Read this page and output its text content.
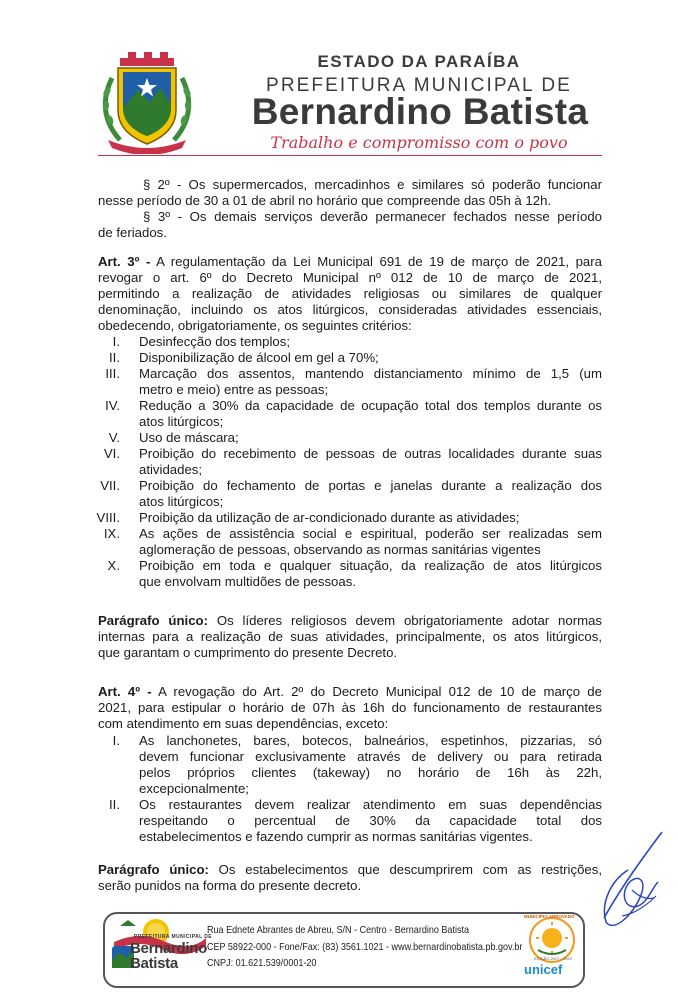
ESTADO DA PARAÍBA
PREFEITURA MUNICIPAL DE
Bernardino Batista
Trabalho e compromisso com o povo
§ 2º - Os supermercados, mercadinhos e similares só poderão funcionar
nesse período de 30 a 01 de abril no horário que compreende das 05h à 12h.
§ 3º - Os demais serviços deverão permanecer fechados nesse período
de feriados.
Art. 3º - A regulamentação da Lei Municipal 691 de 19 de março de 2021, para
revogar o art. 6º do Decreto Municipal nº 012 de 10 de março de 2021,
permitindo a realização de atividades religiosas ou similares de qualquer
denominação, incluindo os atos litúrgicos, consideradas atividades essenciais,
obedecendo, obrigatoriamente, os seguintes critérios:
I. Desinfecção dos templos;
II. Disponibilização de álcool em gel a 70%;
III. Marcação dos assentos, mantendo distanciamento mínimo de 1,5 (um
metro e meio) entre as pessoas;
IV. Redução a 30% da capacidade de ocupação total dos templos durante os
atos litúrgicos;
V. Uso de máscara;
VI. Proibição do recebimento de pessoas de outras localidades durante suas
atividades;
VII. Proibição do fechamento de portas e janelas durante a realização dos
atos litúrgicos;
VIII. Proibição da utilização de ar-condicionado durante as atividades;
IX. As ações de assistência social e espiritual, poderão ser realizadas sem
aglomeração de pessoas, observando as normas sanitárias vigentes
X. Proibição em toda e qualquer situação, da realização de atos litúrgicos
que envolvam multidões de pessoas.
Parágrafo único: Os líderes religiosos devem obrigatoriamente adotar normas
internas para a realização de suas atividades, principalmente, os atos litúrgicos,
que garantam o cumprimento do presente Decreto.
Art. 4º - A revogação do Art. 2º do Decreto Municipal 012 de 10 de março de
2021, para estipular o horário de 07h às 16h do funcionamento de restaurantes
com atendimento em suas dependências, exceto:
I. As lanchonetes, bares, botecos, balneários, espetinhos, pizzarias, só
devem funcionar exclusivamente através de delivery ou para retirada
pelos próprios clientes (takeway) no horário de 16h às 22h,
excepcionalmente;
II. Os restaurantes devem realizar atendimento em suas dependências
respeitando o percentual de 30% da capacidade total dos
estabelecimentos e fazendo cumprir as normas sanitárias vigentes.
Parágrafo único: Os estabelecimentos que descumprirem com as restrições,
serão punidos na forma do presente decreto.
PREFEITURA MUNICIPAL DE
Bernardino
Batista
Rua Ednete Abrantes de Abreu, S/N - Centro - Bernardino Batista
CEP 58922-000 - Fone/Fax: (83) 3561.1021 - www.bernardinobatista.pb.gov.br
CNPJ: 01.621.539/0001-20
MUNICÍPIO APROVADO
EDIÇÃO 2017 - 2020
unicef
